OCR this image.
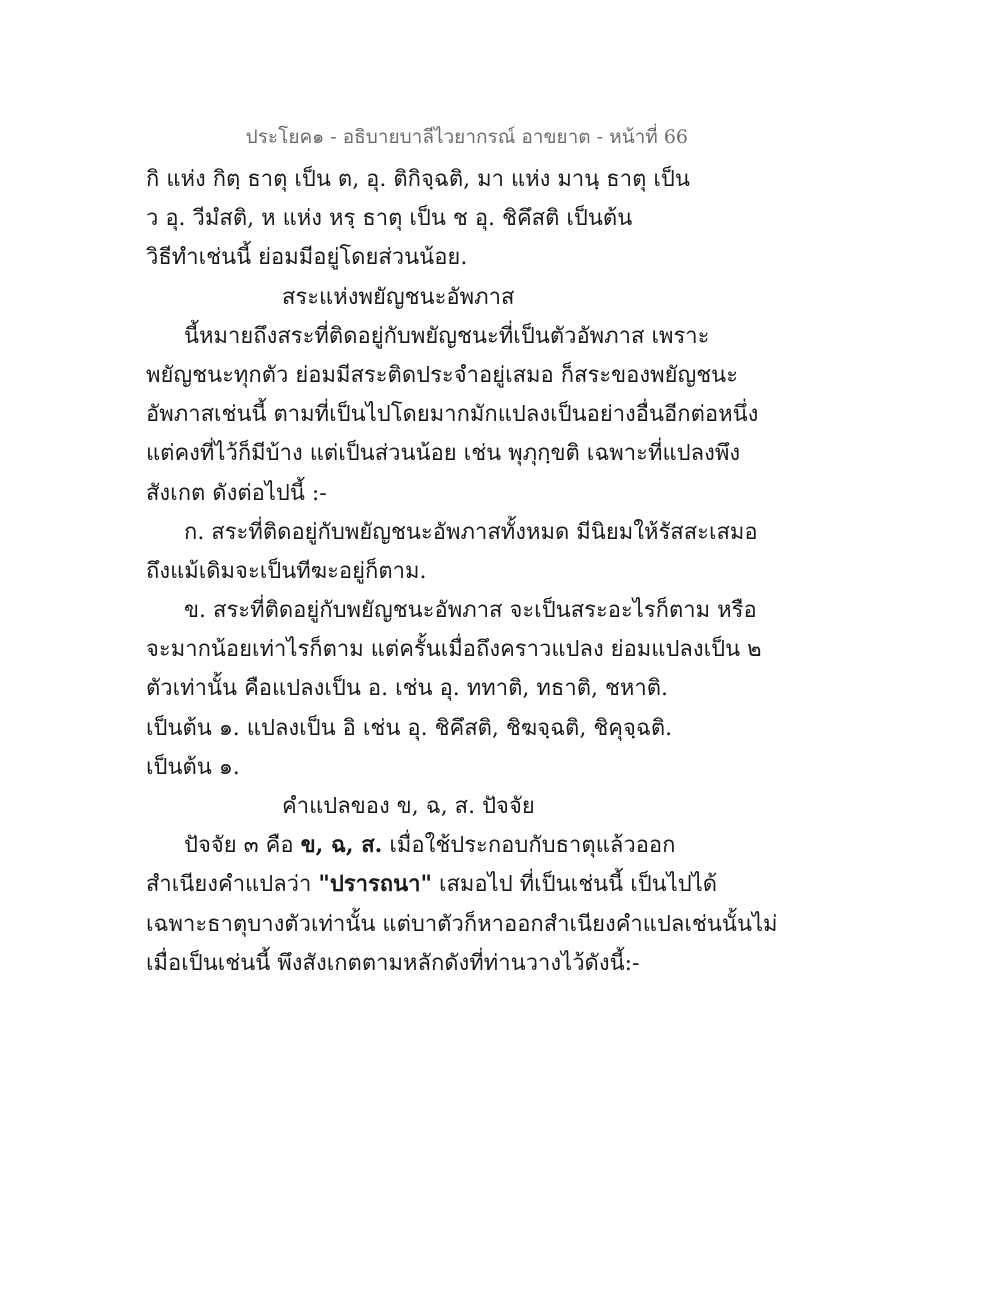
ประโยค๑ - อธิบายบาลีไวยากรณ์ อาขยาต - หน้าที่ 66
กิ แห่ง กิตฺ ธาตุ เป็น ต, อุ. ติกิจฺฉติ, มา แห่ง มานฺ ธาตุ เป็น
ว อุ. วีมํสติ, ห แห่ง หรฺ ธาตุ เป็น ช อุ. ชิคึสติ เป็นต้น
วิธีทำเช่นนี้ ย่อมมีอยู่โดยส่วนน้อย.
สระแห่งพยัญชนะอัพภาส
นี้หมายถึงสระที่ติดอยู่กับพยัญชนะที่เป็นตัวอัพภาส เพราะ
พยัญชนะทุกตัว ย่อมมีสระติดประจำอยู่เสมอ ก็สระของพยัญชนะ
อัพภาสเช่นนี้ ตามที่เป็นไปโดยมากมักแปลงเป็นอย่างอื่นอีกต่อหนึ่ง
แต่คงที่ไว้ก็มีบ้าง แต่เป็นส่วนน้อย เช่น พุภุกฺขติ เฉพาะที่แปลงพึง
สังเกต ดังต่อไปนี้ :-
ก. สระที่ติดอยู่กับพยัญชนะอัพภาสทั้งหมด มีนิยมให้รัสสะเสมอ
ถึงแม้เดิมจะเป็นทีฆะอยู่ก็ตาม.
ข. สระที่ติดอยู่กับพยัญชนะอัพภาส จะเป็นสระอะไรก็ตาม หรือ
จะมากน้อยเท่าไรก็ตาม แต่ครั้นเมื่อถึงคราวแปลง ย่อมแปลงเป็น ๒
ตัวเท่านั้น คือแปลงเป็น อ. เช่น อุ. ททาติ, ทธาติ, ชหาติ.
เป็นต้น ๑. แปลงเป็น อิ เช่น อุ. ชิคึสติ, ชิฆจฺฉติ, ชิคุจฺฉติ.
เป็นต้น ๑.
คำแปลของ ข, ฉ, ส. ปัจจัย
ปัจจัย ๓ คือ ข, ฉ, ส. เมื่อใช้ประกอบกับธาตุแล้วออก
สำเนียงคำแปลว่า "ปรารถนา" เสมอไป ที่เป็นเช่นนี้ เป็นไปได้
เฉพาะธาตุบางตัวเท่านั้น แต่บาตัวก็หาออกสำเนียงคำแปลเช่นนั้นไม่
เมื่อเป็นเช่นนี้ พึงสังเกตตามหลักดังที่ท่านวางไว้ดังนี้:-
